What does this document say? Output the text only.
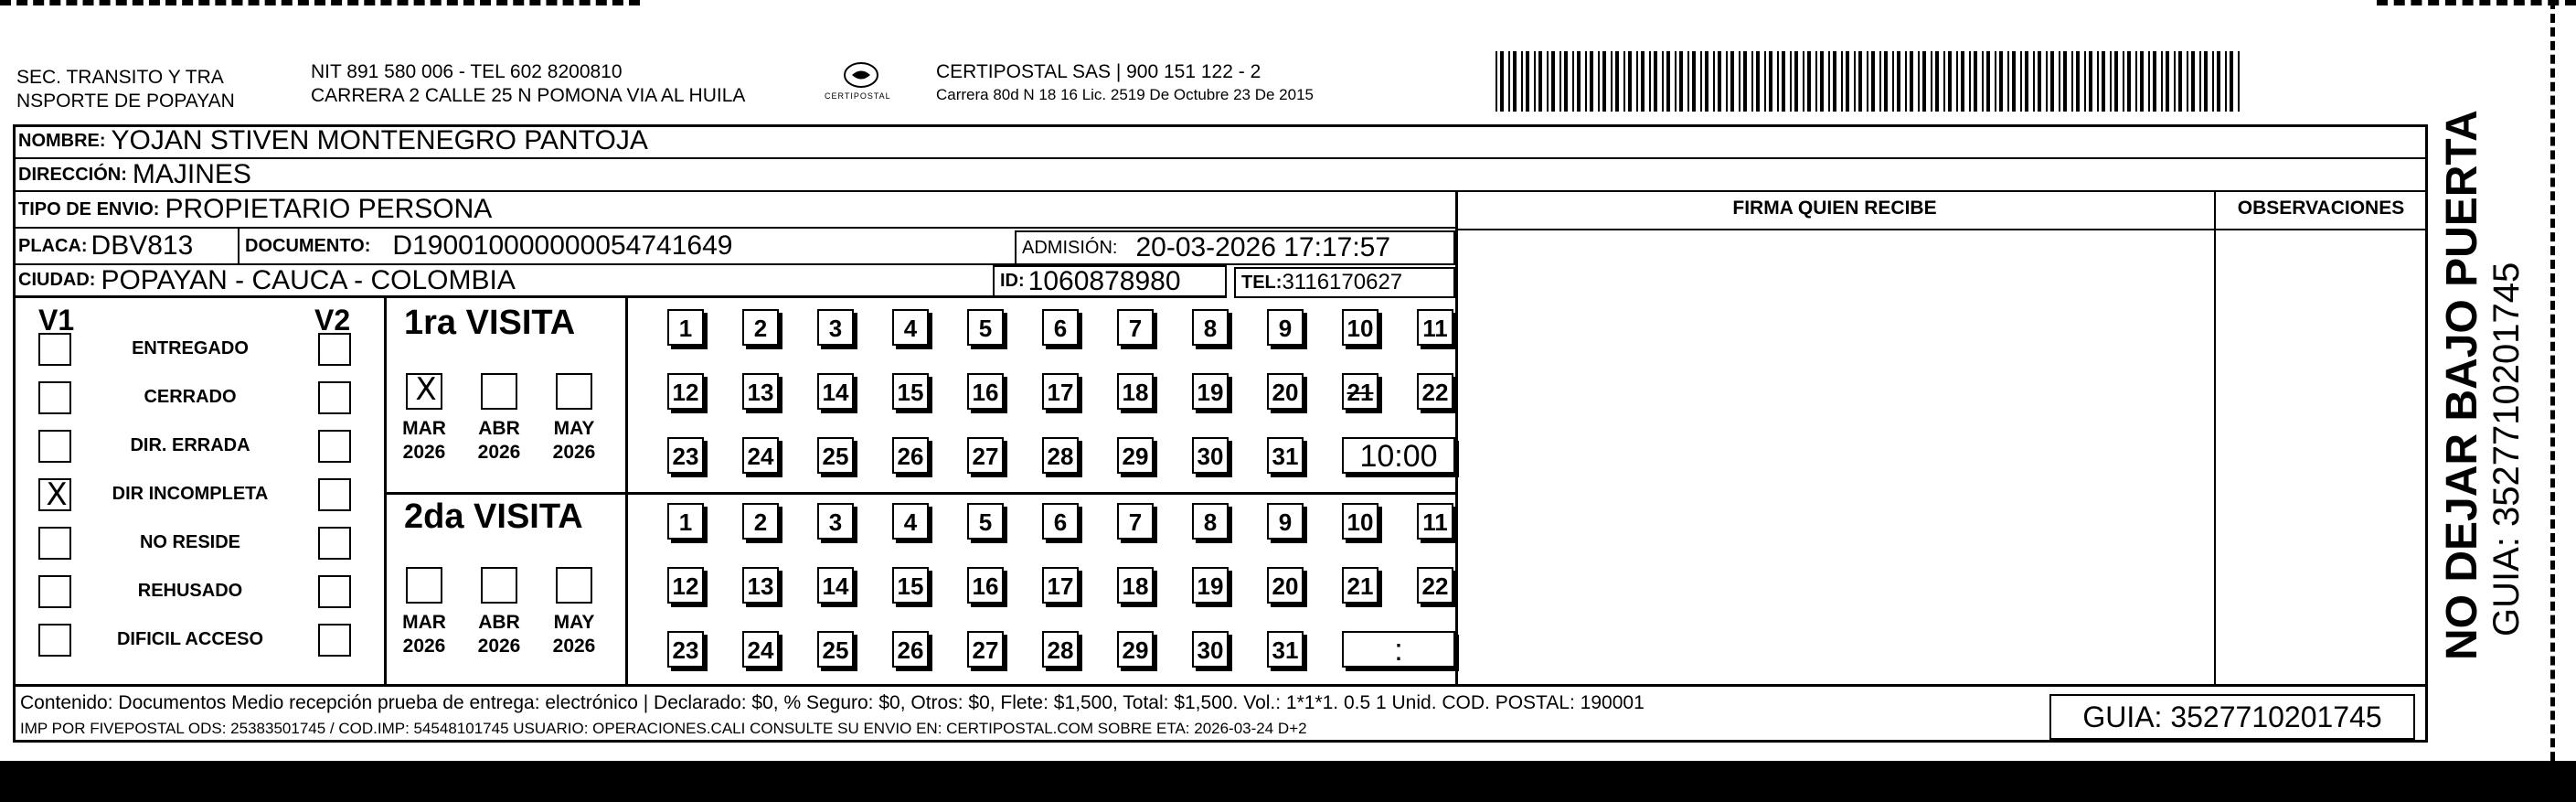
SEC. TRANSITO Y TRA
NSPORTE DE POPAYAN
NIT 891 580 006 - TEL 602 8200810
CARRERA 2 CALLE 25 N POMONA VIA AL HUILA	CERTIPOSTAL
CERTIPOSTAL SAS | 900 151 122 - 2
Carrera 80d N 18 16 Lic. 2519 De Octubre 23 De 2015
NOMBRE: YOJAN STIVEN MONTENEGRO PANTOJA
DIRECCIÓN: MAJINES
TIPO DE ENVIO: PROPIETARIO PERSONA
PLACA: DBV813	DOCUMENTO: D190010000000054741649	ADMISIÓN: 20-03-2026 17:17:57
CIUDAD: POPAYAN - CAUCA - COLOMBIA	ID: 1060878980	TEL: 3116170627
FIRMA QUIEN RECIBE	OBSERVACIONES
V1	V2
ENTREGADO
CERRADO
DIR. ERRADA
X	DIR INCOMPLETA
NO RESIDE
REHUSADO
DIFICIL ACCESO
1ra VISITA
X
MAR
2026
ABR
2026
MAY
2026
1	2	3	4	5	6	7	8	9	10 11
12 13 14 15 16 17 18 19 20 21 22
23 24 25 26 27 28 29 30 31	10:00
2da VISITA
MAR
2026
ABR
2026
MAY
2026
1	2	3	4	5	6	7	8	9	10 11
12 13 14 15 16 17 18 19 20 21 22
23 24 25 26 27 28 29 30 31	:
Contenido: Documentos Medio recepción prueba de entrega: electrónico | Declarado: $0, % Seguro: $0, Otros: $0, Flete: $1,500, Total: $1,500. Vol.: 1*1*1. 0.5 1 Unid. COD. POSTAL: 190001
IMP POR FIVEPOSTAL ODS: 25383501745 / COD.IMP: 54548101745 USUARIO: OPERACIONES.CALI CONSULTE SU ENVIO EN: CERTIPOSTAL.COM SOBRE ETA: 2026-03-24 D+2	GUIA: 3527710201745
NO DEJAR BAJO PUERTA GUIA: 3527710201745
